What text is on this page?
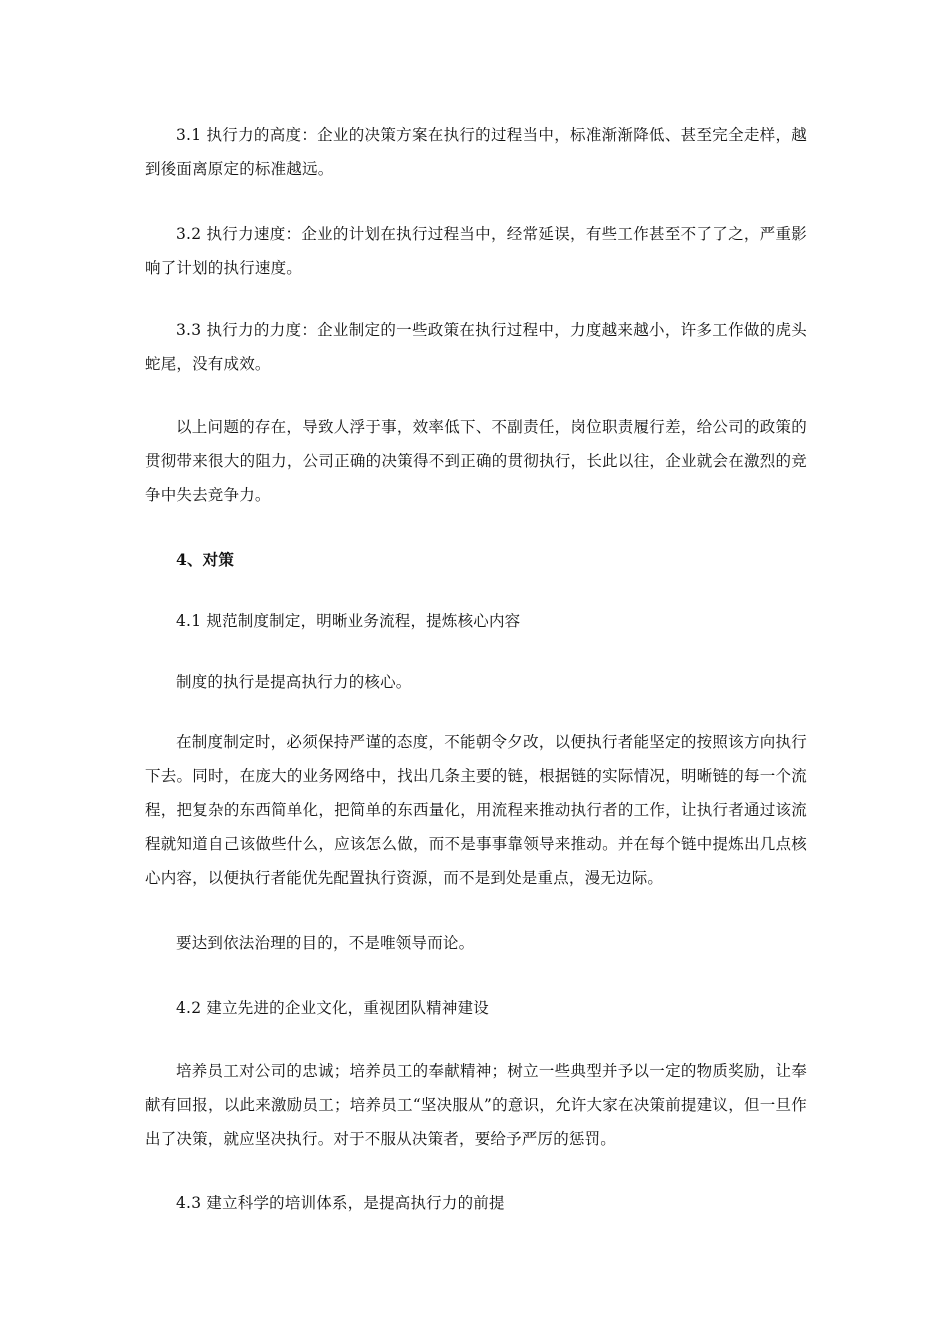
3.1 执行力的高度：企业的决策方案在执行的过程当中，标准渐渐降低、甚至完全走样，越到後面离原定的标准越远。

3.2 执行力速度：企业的计划在执行过程当中，经常延误，有些工作甚至不了了之，严重影响了计划的执行速度。

3.3 执行力的力度：企业制定的一些政策在执行过程中，力度越来越小，许多工作做的虎头蛇尾，没有成效。

以上问题的存在，导致人浮于事，效率低下、不副责任，岗位职责履行差，给公司的政策的贯彻带来很大的阻力，公司正确的决策得不到正确的贯彻执行，长此以往，企业就会在激烈的竞争中失去竞争力。

4、对策

4.1 规范制度制定，明晰业务流程，提炼核心内容

制度的执行是提高执行力的核心。

在制度制定时，必须保持严谨的态度，不能朝令夕改，以便执行者能坚定的按照该方向执行下去。同时，在庞大的业务网络中，找出几条主要的链，根据链的实际情况，明晰链的每一个流程，把复杂的东西简单化，把简单的东西量化，用流程来推动执行者的工作，让执行者通过该流程就知道自己该做些什么，应该怎么做，而不是事事靠领导来推动。并在每个链中提炼出几点核心内容，以便执行者能优先配置执行资源，而不是到处是重点，漫无边际。

要达到依法治理的目的，不是唯领导而论。

4.2 建立先进的企业文化，重视团队精神建设

培养员工对公司的忠诚；培养员工的奉献精神；树立一些典型并予以一定的物质奖励，让奉献有回报，以此来激励员工；培养员工“坚决服从”的意识，允许大家在决策前提建议，但一旦作出了决策，就应坚决执行。对于不服从决策者，要给予严厉的惩罚。

4.3 建立科学的培训体系，是提高执行力的前提
